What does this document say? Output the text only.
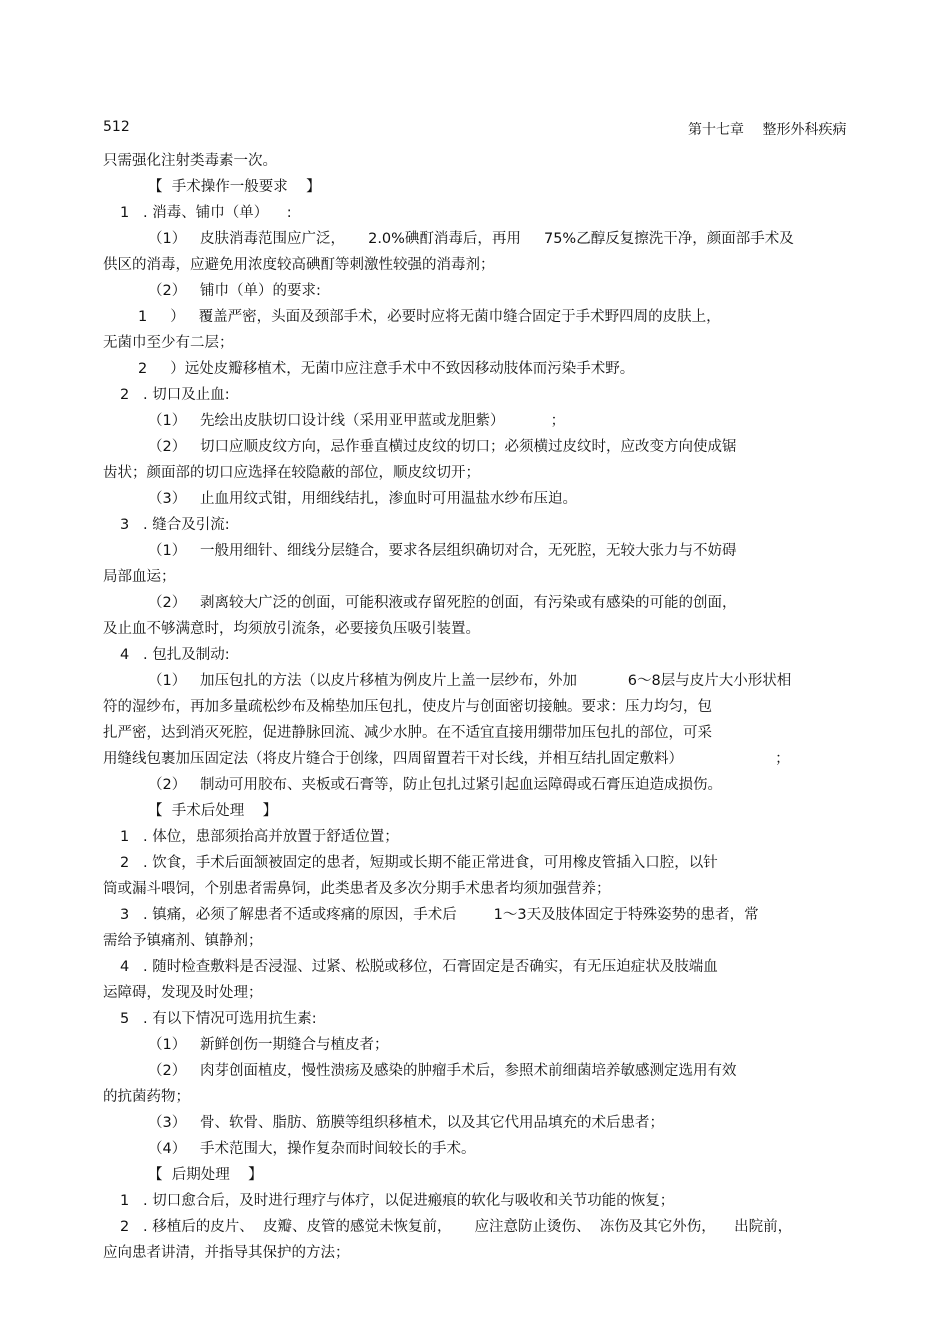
512	第十七章　 整形外科疾病
只需强化注射类毒素一次。
【  手术操作一般要求    】
1   . 消毒、铺巾（单）    :
（1）   皮肤消毒范围应广泛，     2.0%碘酊消毒后，再用     75%乙醇反复擦洗干净，颜面部手术及
供区的消毒，应避免用浓度较高碘酊等刺激性较强的消毒剂；
（2）   铺巾（单）的要求:
1     ）   覆盖严密，头面及颈部手术，必要时应将无菌巾缝合固定于手术野四周的皮肤上，
无菌巾至少有二层；
2     ）远处皮瓣移植术，无菌巾应注意手术中不致因移动肢体而污染手术野。
2   . 切口及止血:
（1）   先绘出皮肤切口设计线（采用亚甲蓝或龙胆紫）          ；
（2）   切口应顺皮纹方向，忌作垂直横过皮纹的切口；必须横过皮纹时，应改变方向使成锯
齿状；颜面部的切口应选择在较隐蔽的部位，顺皮纹切开；
（3）   止血用纹式钳，用细线结扎，渗血时可用温盐水纱布压迫。
3   . 缝合及引流:
（1）   一般用细针、细线分层缝合，要求各层组织确切对合，无死腔，无较大张力与不妨碍
局部血运；
（2）   剥离较大广泛的创面，可能积液或存留死腔的创面，有污染或有感染的可能的创面，
及止血不够满意时，均须放引流条，必要接负压吸引装置。
4   . 包扎及制动:
（1）   加压包扎的方法（以皮片移植为例皮片上盖一层纱布，外加           6～8层与皮片大小形状相
符的湿纱布，再加多量疏松纱布及棉垫加压包扎，使皮片与创面密切接触。要求：压力均匀，包
扎严密，达到消灭死腔，促进静脉回流、减少水肿。在不适宜直接用绷带加压包扎的部位，可采
用缝线包裹加压固定法（将皮片缝合于创缘，四周留置若干对长线，并相互结扎固定敷料）                    ；
（2）   制动可用胶布、夹板或石膏等，防止包扎过紧引起血运障碍或石膏压迫造成损伤。
【  手术后处理    】
1   . 体位，患部须抬高并放置于舒适位置；
2   . 饮食，手术后面颔被固定的患者，短期或长期不能正常进食，可用橡皮管插入口腔，以针
筒或漏斗喂饲，个别患者需鼻饲，此类患者及多次分期手术患者均须加强营养；
3   . 镇痛，必须了解患者不适或疼痛的原因，手术后        1～3天及肢体固定于特殊姿势的患者，常
需给予镇痛剂、镇静剂；
4   . 随时检查敷料是否浸湿、过紧、松脱或移位，石膏固定是否确实，有无压迫症状及肢端血
运障碍，发现及时处理；
5   . 有以下情况可选用抗生素:
（1）   新鲜创伤一期缝合与植皮者；
（2）   肉芽创面植皮，慢性溃疡及感染的肿瘤手术后，参照术前细菌培养敏感测定选用有效
的抗菌药物；
（3）   骨、软骨、脂肪、筋膜等组织移植术，以及其它代用品填充的术后患者；
（4）   手术范围大，操作复杂而时间较长的手术。
【  后期处理    】
1   . 切口愈合后，及时进行理疗与体疗，以促进瘢痕的软化与吸收和关节功能的恢复；
2   . 移植后的皮片、  皮瓣、皮管的感觉未恢复前，     应注意防止烫伤、  冻伤及其它外伤，    出院前，
应向患者讲清，并指导其保护的方法；
